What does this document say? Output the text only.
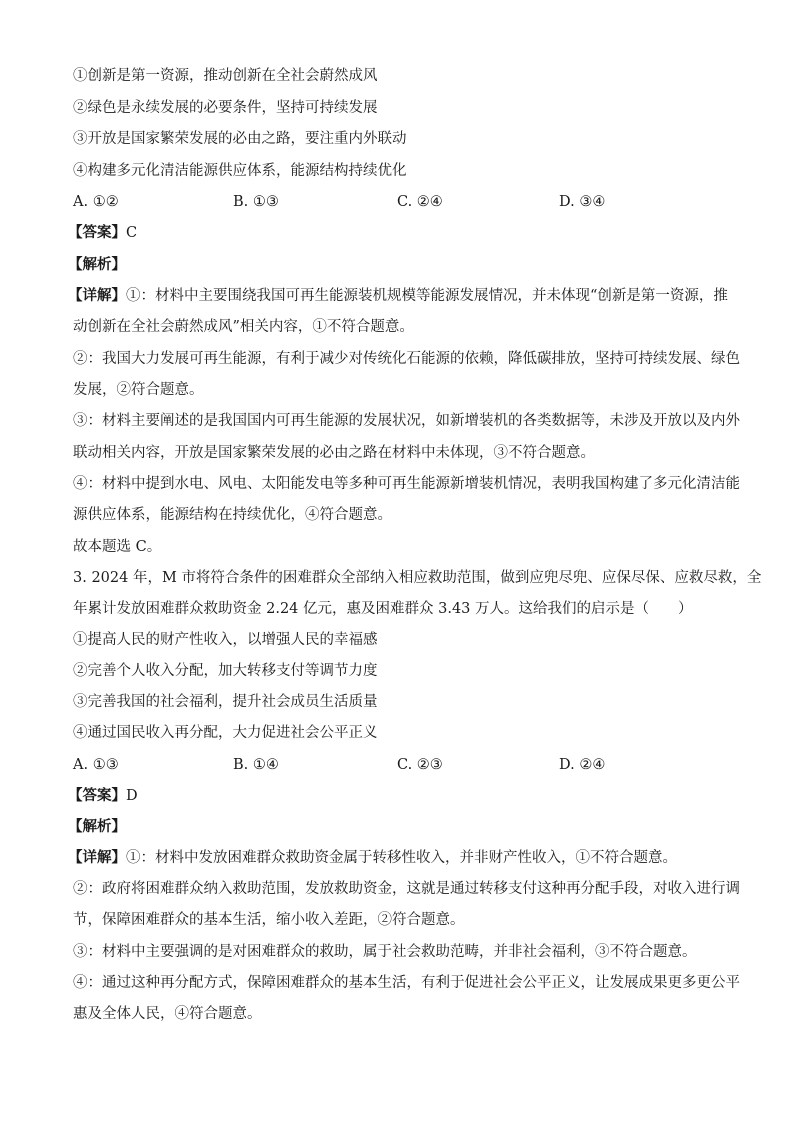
①创新是第一资源，推动创新在全社会蔚然成风
②绿色是永续发展的必要条件，坚持可持续发展
③开放是国家繁荣发展的必由之路，要注重内外联动
④构建多元化清洁能源供应体系，能源结构持续优化
A. ①②	B. ①③	C. ②④	D. ③④
【答案】C
【解析】
【详解】①：材料中主要围绕我国可再生能源装机规模等能源发展情况，并未体现“创新是第一资源，推
动创新在全社会蔚然成风”相关内容，①不符合题意。
②：我国大力发展可再生能源，有利于减少对传统化石能源的依赖，降低碳排放，坚持可持续发展、绿色
发展，②符合题意。
③：材料主要阐述的是我国国内可再生能源的发展状况，如新增装机的各类数据等，未涉及开放以及内外
联动相关内容，开放是国家繁荣发展的必由之路在材料中未体现，③不符合题意。
④：材料中提到水电、风电、太阳能发电等多种可再生能源新增装机情况，表明我国构建了多元化清洁能
源供应体系，能源结构在持续优化，④符合题意。
故本题选 C。
3. 2024 年，M 市将符合条件的困难群众全部纳入相应救助范围，做到应兜尽兜、应保尽保、应救尽救，全
年累计发放困难群众救助资金 2.24 亿元，惠及困难群众 3.43 万人。这给我们的启示是（　　）
①提高人民的财产性收入，以增强人民的幸福感
②完善个人收入分配，加大转移支付等调节力度
③完善我国的社会福利，提升社会成员生活质量
④通过国民收入再分配，大力促进社会公平正义
A. ①③	B. ①④	C. ②③	D. ②④
【答案】D
【解析】
【详解】①：材料中发放困难群众救助资金属于转移性收入，并非财产性收入，①不符合题意。
②：政府将困难群众纳入救助范围，发放救助资金，这就是通过转移支付这种再分配手段，对收入进行调
节，保障困难群众的基本生活，缩小收入差距，②符合题意。
③：材料中主要强调的是对困难群众的救助，属于社会救助范畴，并非社会福利，③不符合题意。
④：通过这种再分配方式，保障困难群众的基本生活，有利于促进社会公平正义，让发展成果更多更公平
惠及全体人民，④符合题意。
